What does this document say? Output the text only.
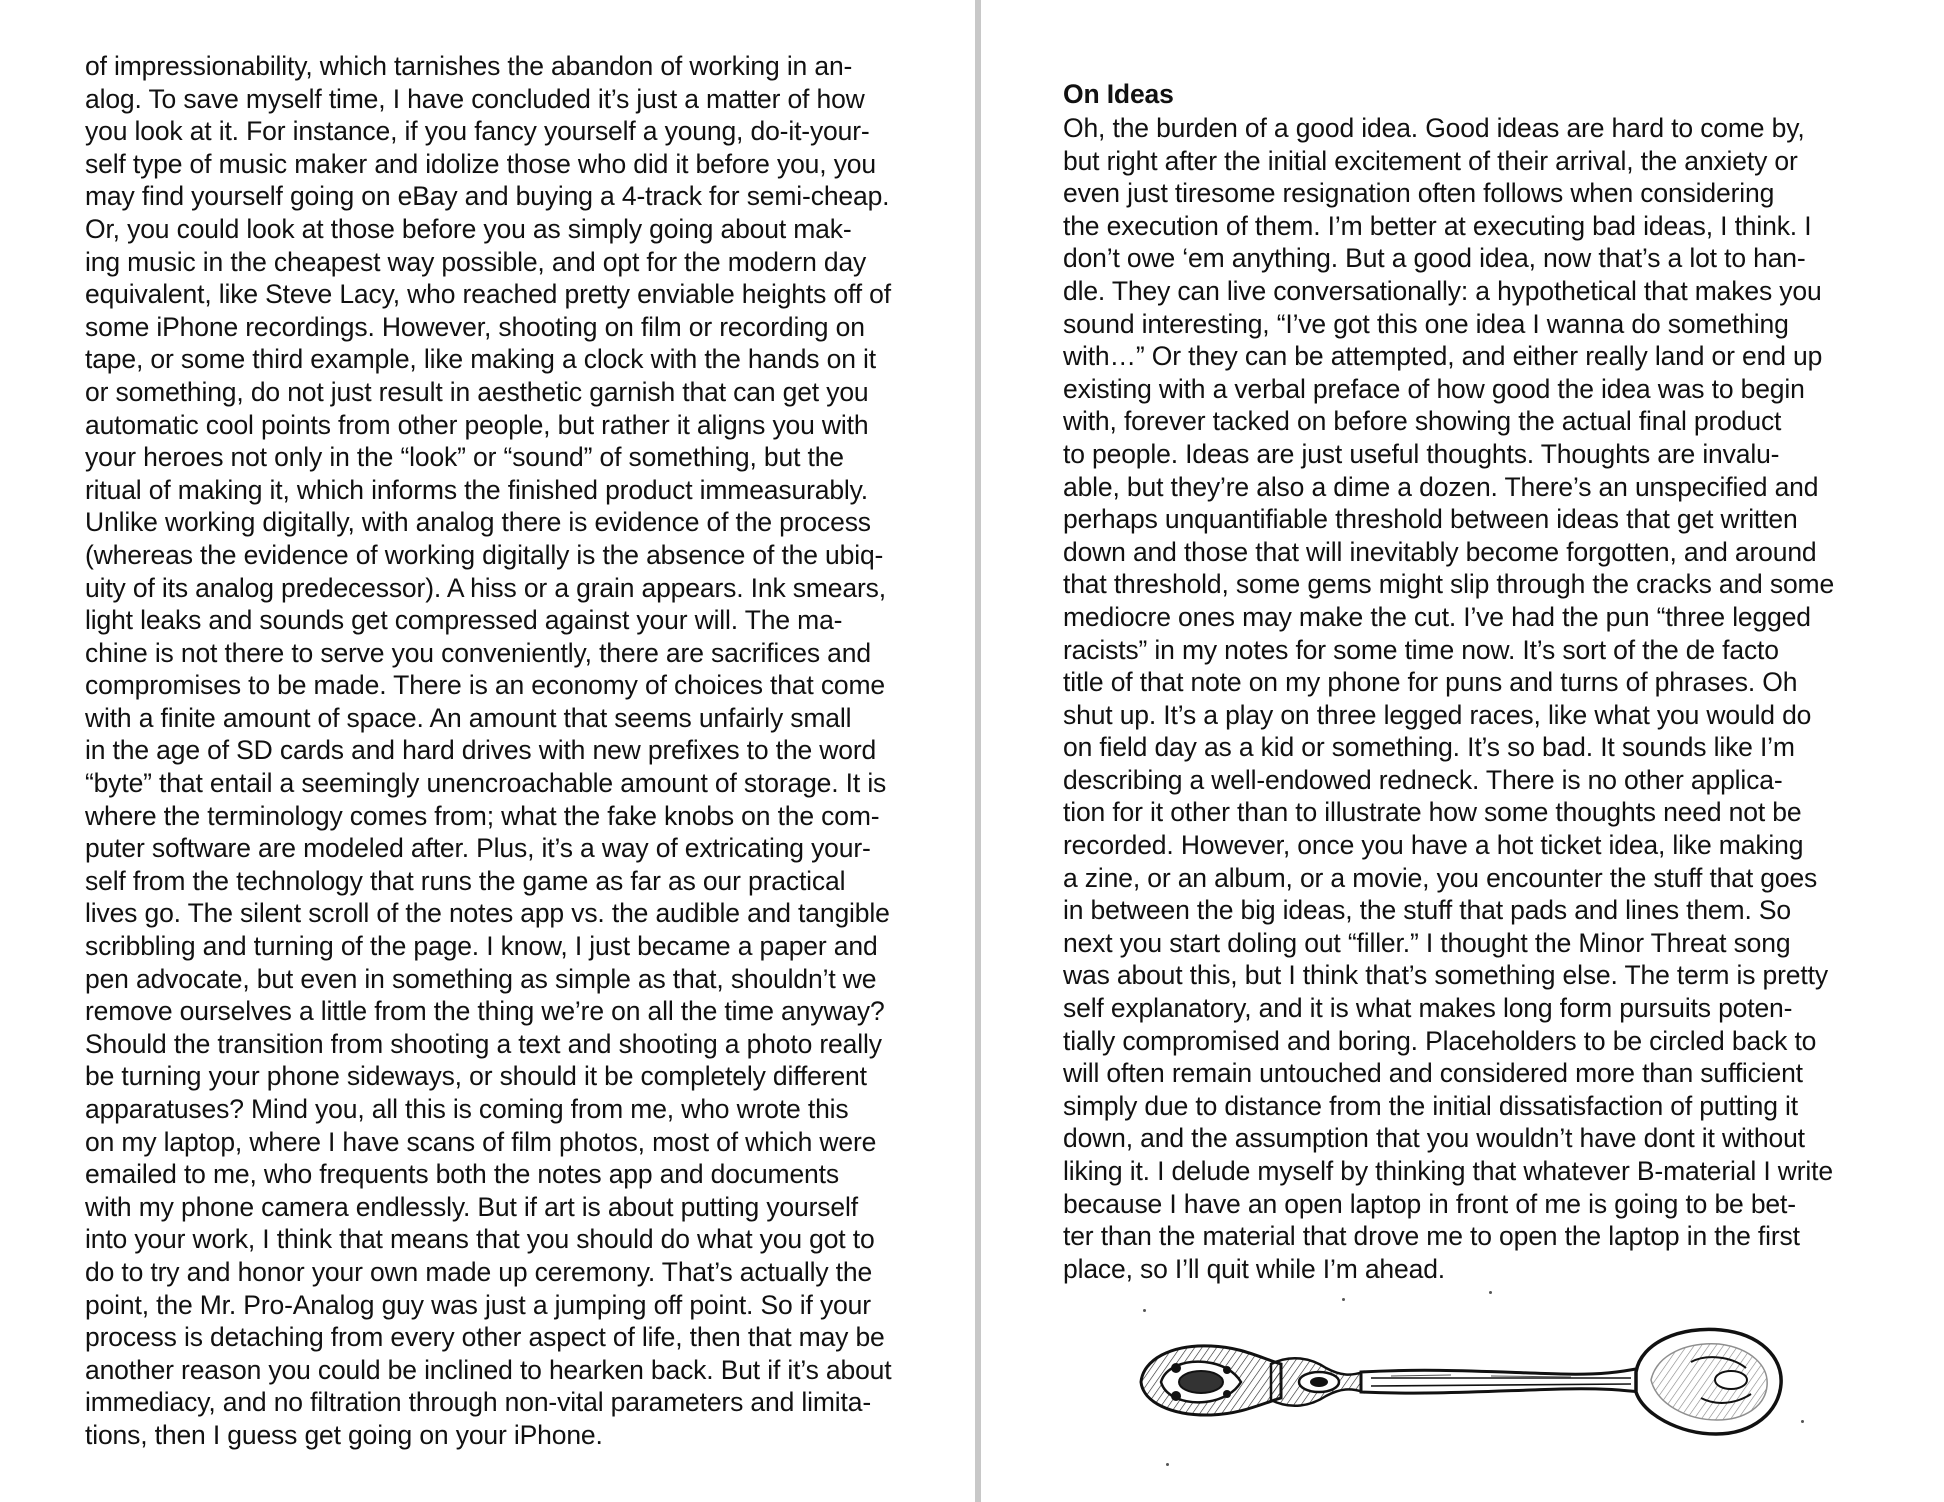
of impressionability, which tarnishes the abandon of working in an-
alog. To save myself time, I have concluded it’s just a matter of how
you look at it. For instance, if you fancy yourself a young, do-it-your-
self type of music maker and idolize those who did it before you, you
may find yourself going on eBay and buying a 4-track for semi-cheap.
Or, you could look at those before you as simply going about mak-
ing music in the cheapest way possible, and opt for the modern day
equivalent, like Steve Lacy, who reached pretty enviable heights off of
some iPhone recordings. However, shooting on film or recording on
tape, or some third example, like making a clock with the hands on it
or something, do not just result in aesthetic garnish that can get you
automatic cool points from other people, but rather it aligns you with
your heroes not only in the “look” or “sound” of something, but the
ritual of making it, which informs the finished product immeasurably.
Unlike working digitally, with analog there is evidence of the process
(whereas the evidence of working digitally is the absence of the ubiq-
uity of its analog predecessor). A hiss or a grain appears. Ink smears,
light leaks and sounds get compressed against your will. The ma-
chine is not there to serve you conveniently, there are sacrifices and
compromises to be made. There is an economy of choices that come
with a finite amount of space. An amount that seems unfairly small
in the age of SD cards and hard drives with new prefixes to the word
“byte” that entail a seemingly unencroachable amount of storage. It is
where the terminology comes from; what the fake knobs on the com-
puter software are modeled after. Plus, it’s a way of extricating your-
self from the technology that runs the game as far as our practical
lives go. The silent scroll of the notes app vs. the audible and tangible
scribbling and turning of the page. I know, I just became a paper and
pen advocate, but even in something as simple as that, shouldn’t we
remove ourselves a little from the thing we’re on all the time anyway?
Should the transition from shooting a text and shooting a photo really
be turning your phone sideways, or should it be completely different
apparatuses? Mind you, all this is coming from me, who wrote this
on my laptop, where I have scans of film photos, most of which were
emailed to me, who frequents both the notes app and documents
with my phone camera endlessly. But if art is about putting yourself
into your work, I think that means that you should do what you got to
do to try and honor your own made up ceremony. That’s actually the
point, the Mr. Pro-Analog guy was just a jumping off point. So if your
process is detaching from every other aspect of life, then that may be
another reason you could be inclined to hearken back. But if it’s about
immediacy, and no filtration through non-vital parameters and limita-
tions, then I guess get going on your iPhone.
On Ideas
Oh, the burden of a good idea. Good ideas are hard to come by,
but right after the initial excitement of their arrival, the anxiety or
even just tiresome resignation often follows when considering
the execution of them. I’m better at executing bad ideas, I think. I
don’t owe ‘em anything. But a good idea, now that’s a lot to han-
dle. They can live conversationally: a hypothetical that makes you
sound interesting, “I’ve got this one idea I wanna do something
with…” Or they can be attempted, and either really land or end up
existing with a verbal preface of how good the idea was to begin
with, forever tacked on before showing the actual final product
to people. Ideas are just useful thoughts. Thoughts are invalu-
able, but they’re also a dime a dozen. There’s an unspecified and
perhaps unquantifiable threshold between ideas that get written
down and those that will inevitably become forgotten, and around
that threshold, some gems might slip through the cracks and some
mediocre ones may make the cut. I’ve had the pun “three legged
racists” in my notes for some time now. It’s sort of the de facto
title of that note on my phone for puns and turns of phrases. Oh
shut up. It’s a play on three legged races, like what you would do
on field day as a kid or something. It’s so bad. It sounds like I’m
describing a well-endowed redneck. There is no other applica-
tion for it other than to illustrate how some thoughts need not be
recorded. However, once you have a hot ticket idea, like making
a zine, or an album, or a movie, you encounter the stuff that goes
in between the big ideas, the stuff that pads and lines them. So
next you start doling out “filler.” I thought the Minor Threat song
was about this, but I think that’s something else. The term is pretty
self explanatory, and it is what makes long form pursuits poten-
tially compromised and boring. Placeholders to be circled back to
will often remain untouched and considered more than sufficient
simply due to distance from the initial dissatisfaction of putting it
down, and the assumption that you wouldn’t have dont it without
liking it. I delude myself by thinking that whatever B-material I write
because I have an open laptop in front of me is going to be bet-
ter than the material that drove me to open the laptop in the first
place, so I’ll quit while I’m ahead.
